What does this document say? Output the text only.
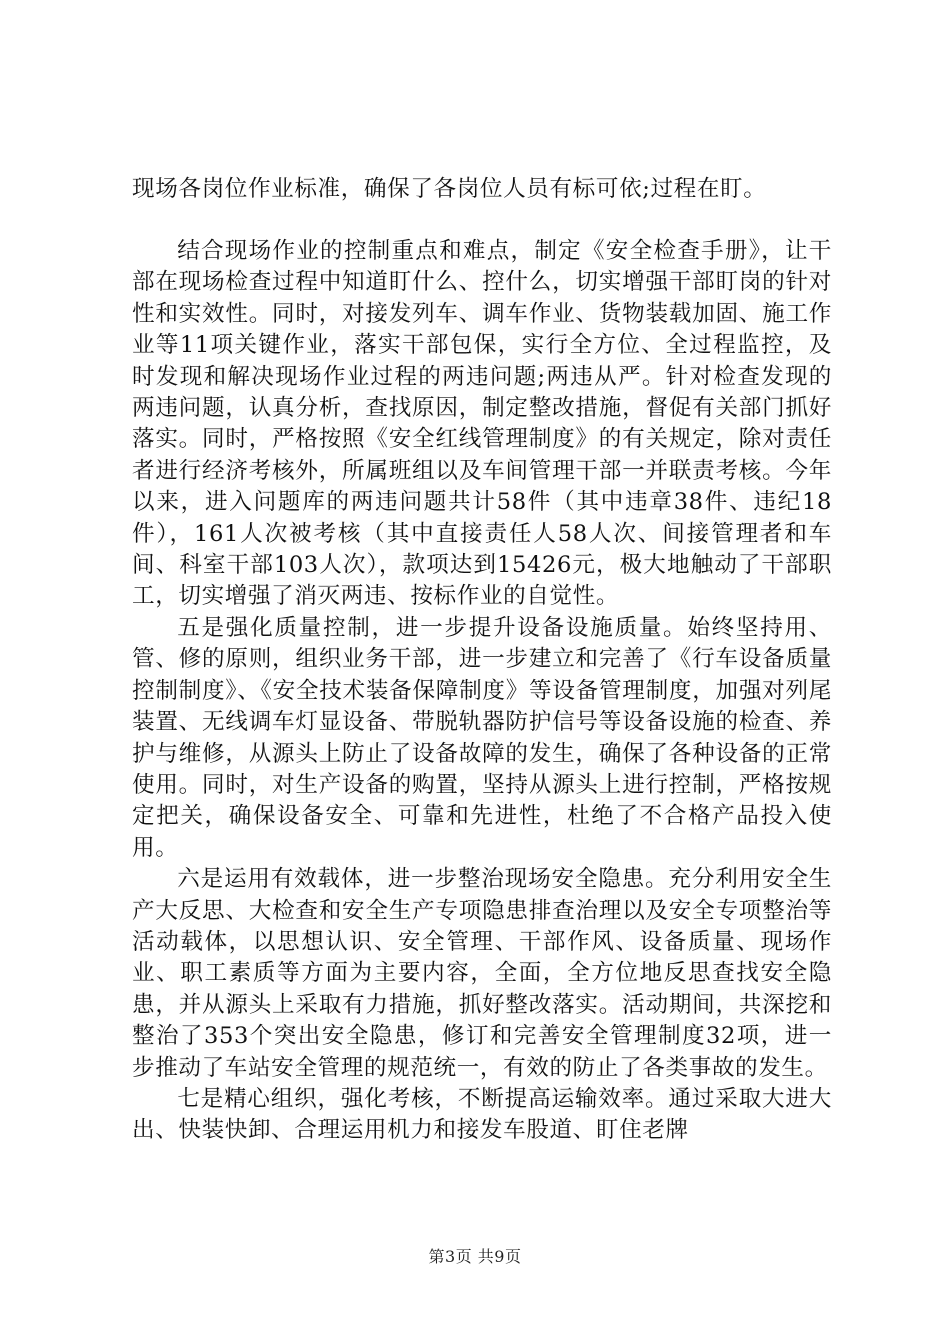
现场各岗位作业标准，确保了各岗位人员有标可依;过程在盯。

结合现场作业的控制重点和难点，制定《安全检查手册》，让干部在现场检查过程中知道盯什么、控什么，切实增强干部盯岗的针对性和实效性。同时，对接发列车、调车作业、货物装载加固、施工作业等11项关键作业，落实干部包保，实行全方位、全过程监控，及时发现和解决现场作业过程的两违问题;两违从严。针对检查发现的两违问题，认真分析，查找原因，制定整改措施，督促有关部门抓好落实。同时，严格按照《安全红线管理制度》的有关规定，除对责任者进行经济考核外，所属班组以及车间管理干部一并联责考核。今年以来，进入问题库的两违问题共计58件（其中违章38件、违纪18件），161人次被考核（其中直接责任人58人次、间接管理者和车间、科室干部103人次），款项达到15426元，极大地触动了干部职工，切实增强了消灭两违、按标作业的自觉性。

五是强化质量控制，进一步提升设备设施质量。始终坚持用、管、修的原则，组织业务干部，进一步建立和完善了《行车设备质量控制制度》、《安全技术装备保障制度》等设备管理制度，加强对列尾装置、无线调车灯显设备、带脱轨器防护信号等设备设施的检查、养护与维修，从源头上防止了设备故障的发生，确保了各种设备的正常使用。同时，对生产设备的购置，坚持从源头上进行控制，严格按规定把关，确保设备安全、可靠和先进性，杜绝了不合格产品投入使用。

六是运用有效载体，进一步整治现场安全隐患。充分利用安全生产大反思、大检查和安全生产专项隐患排查治理以及安全专项整治等活动载体，以思想认识、安全管理、干部作风、设备质量、现场作业、职工素质等方面为主要内容，全面，全方位地反思查找安全隐患，并从源头上采取有力措施，抓好整改落实。活动期间，共深挖和整治了353个突出安全隐患，修订和完善安全管理制度32项，进一步推动了车站安全管理的规范统一，有效的防止了各类事故的发生。

七是精心组织，强化考核，不断提高运输效率。通过采取大进大出、快装快卸、合理运用机力和接发车股道、盯住老牌

第3页 共9页
